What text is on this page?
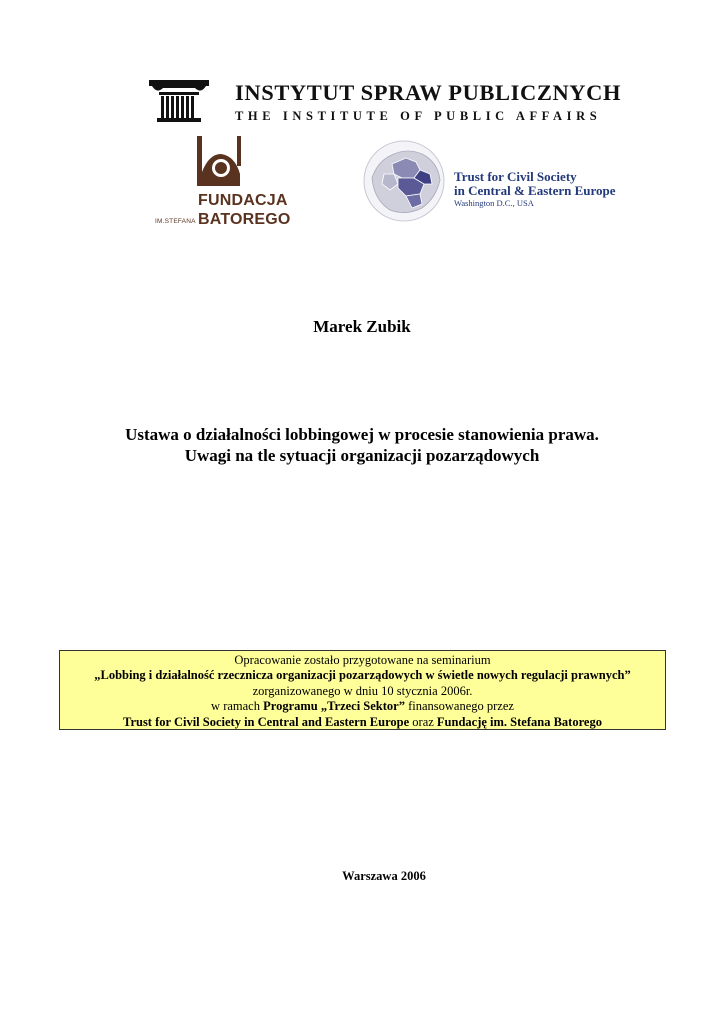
INSTYTUT SPRAW PUBLICZNYCH
THE INSTITUTE OF PUBLIC AFFAIRS
FUNDACJA
IM.STEFANA BATOREGO
Trust for Civil Society
in Central & Eastern Europe
Washington D.C., USA
Marek Zubik
Ustawa o działalności lobbingowej w procesie stanowienia prawa.
Uwagi na tle sytuacji organizacji pozarządowych
Opracowanie zostało przygotowane na seminarium
„Lobbing i działalność rzecznicza organizacji pozarządowych w świetle nowych regulacji prawnych”
zorganizowanego w dniu 10 stycznia 2006r.
w ramach Programu „Trzeci Sektor” finansowanego przez
Trust for Civil Society in Central and Eastern Europe oraz Fundację im. Stefana Batorego
Warszawa 2006
